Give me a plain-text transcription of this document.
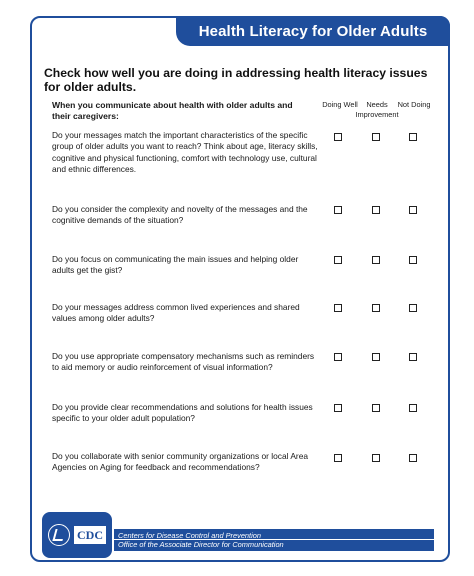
Health Literacy for Older Adults
Check how well you are doing in addressing health literacy issues for older adults.
When you communicate about health with older adults and their caregivers:
Doing Well	Needs Improvement
Not Doing
Do your messages match the important characteristics of the specific group of older adults you want to reach? Think about age, literacy skills, cognitive and physical functioning, comfort with technology use, cultural and ethnic differences.
Do you consider the complexity and novelty of the messages and the cognitive demands of the situation?
Do you focus on communicating the main issues and helping older adults get the gist?
Do your messages address common lived experiences and shared values among older adults?
Do you use appropriate compensatory mechanisms such as reminders to aid memory or audio reinforcement of visual information?
Do you provide clear recommendations and solutions for health issues specific to your older adult population?
Do you collaborate with senior community organizations or local Area Agencies on Aging for feedback and recommendations?
CDC	Centers for Disease Control and Prevention
Office of the Associate Director for Communication
